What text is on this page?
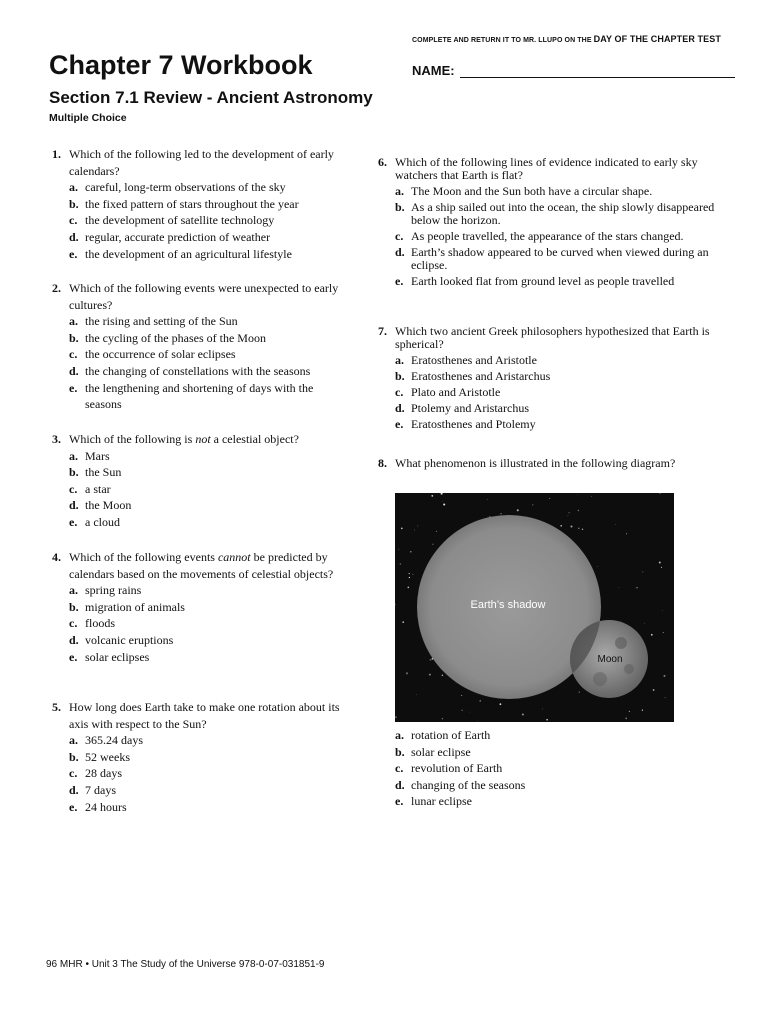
COMPLETE AND RETURN IT TO MR. LLUPO ON THE DAY OF THE CHAPTER TEST
Chapter 7 Workbook	NAME:
Section 7.1 Review - Ancient Astronomy
Multiple Choice
1. Which of the following led to the development of early calendars?
a. careful, long-term observations of the sky
b. the fixed pattern of stars throughout the year
c. the development of satellite technology
d. regular, accurate prediction of weather
e. the development of an agricultural lifestyle
2. Which of the following events were unexpected to early cultures?
a. the rising and setting of the Sun
b. the cycling of the phases of the Moon
c. the occurrence of solar eclipses
d. the changing of constellations with the seasons
e. the lengthening and shortening of days with the seasons
3. Which of the following is not a celestial object?
a. Mars
b. the Sun
c. a star
d. the Moon
e. a cloud
4. Which of the following events cannot be predicted by calendars based on the movements of celestial objects?
a. spring rains
b. migration of animals
c. floods
d. volcanic eruptions
e. solar eclipses
5. How long does Earth take to make one rotation about its axis with respect to the Sun?
a. 365.24 days
b. 52 weeks
c. 28 days
d. 7 days
e. 24 hours
6. Which of the following lines of evidence indicated to early sky watchers that Earth is flat?
a. The Moon and the Sun both have a circular shape.
b. As a ship sailed out into the ocean, the ship slowly disappeared below the horizon.
c. As people travelled, the appearance of the stars changed.
d. Earth’s shadow appeared to be curved when viewed during an eclipse.
e. Earth looked flat from ground level as people travelled
7. Which two ancient Greek philosophers hypothesized that Earth is spherical?
a. Eratosthenes and Aristotle
b. Eratosthenes and Aristarchus
c. Plato and Aristotle
d. Ptolemy and Aristarchus
e. Eratosthenes and Ptolemy
8. What phenomenon is illustrated in the following diagram?
Earth’s shadow
Moon
a. rotation of Earth
b. solar eclipse
c. revolution of Earth
d. changing of the seasons
e. lunar eclipse
96 MHR • Unit 3 The Study of the Universe 978-0-07-031851-9
